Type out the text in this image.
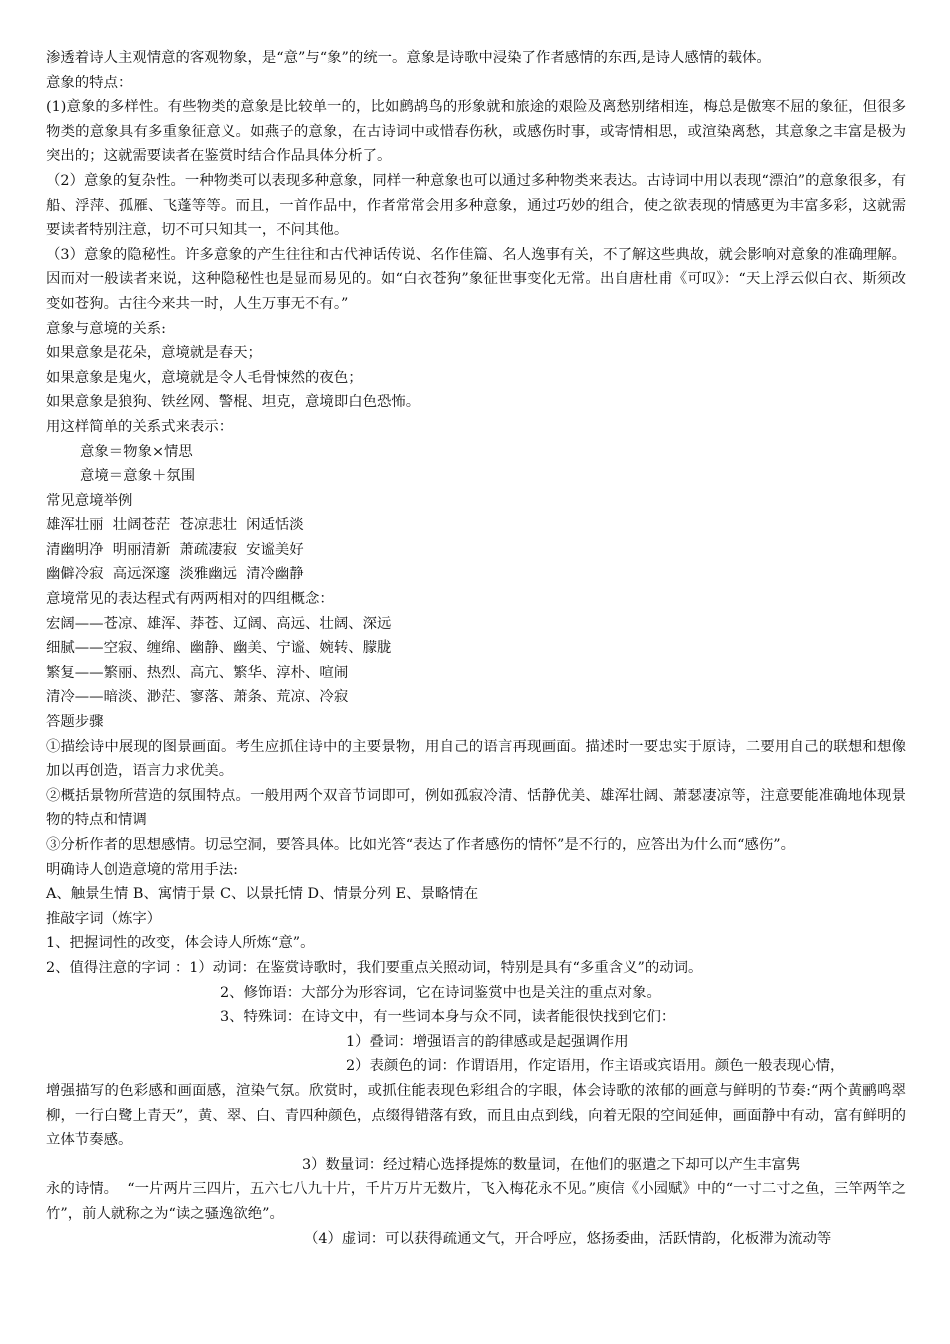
渗透着诗人主观情意的客观物象，是“意”与“象”的统一。意象是诗歌中浸染了作者感情的东西,是诗人感情的载体。
意象的特点：
(1)意象的多样性。有些物类的意象是比较单一的，比如鹧鸪鸟的形象就和旅途的艰险及离愁别绪相连，梅总是傲寒不屈的象征，但很多物类的意象具有多重象征意义。如燕子的意象，在古诗词中或惜春伤秋，或感伤时事，或寄情相思，或渲染离愁，其意象之丰富是极为突出的；这就需要读者在鉴赏时结合作品具体分析了。
（2）意象的复杂性。一种物类可以表现多种意象，同样一种意象也可以通过多种物类来表达。古诗词中用以表现“漂泊”的意象很多，有船、浮萍、孤雁、飞蓬等等。而且，一首作品中，作者常常会用多种意象，通过巧妙的组合，使之欲表现的情感更为丰富多彩，这就需要读者特别注意，切不可只知其一，不问其他。
（3）意象的隐秘性。许多意象的产生往往和古代神话传说、名作佳篇、名人逸事有关，不了解这些典故，就会影响对意象的准确理解。因而对一般读者来说，这种隐秘性也是显而易见的。如“白衣苍狗”象征世事变化无常。出自唐杜甫《可叹》：“天上浮云似白衣、斯须改变如苍狗。古往今来共一时，人生万事无不有。”
意象与意境的关系:
如果意象是花朵，意境就是春天；
如果意象是鬼火，意境就是令人毛骨悚然的夜色；
如果意象是狼狗、铁丝网、警棍、坦克，意境即白色恐怖。
用这样简单的关系式来表示：
意象＝物象×情思
意境＝意象＋氛围
常见意境举例
雄浑壮丽  壮阔苍茫  苍凉悲壮  闲适恬淡
清幽明净  明丽清新  萧疏凄寂  安谧美好
幽僻冷寂  高远深邃  淡雅幽远  清冷幽静
意境常见的表达程式有两两相对的四组概念：
宏阔——苍凉、雄浑、莽苍、辽阔、高远、壮阔、深远
细腻——空寂、缠绵、幽静、幽美、宁谧、婉转、朦胧
繁复——繁丽、热烈、高亢、繁华、淳朴、喧闹
清冷——暗淡、渺茫、寥落、萧条、荒凉、冷寂
答题步骤
①描绘诗中展现的图景画面。考生应抓住诗中的主要景物，用自己的语言再现画面。描述时一要忠实于原诗，二要用自己的联想和想像加以再创造，语言力求优美。
②概括景物所营造的氛围特点。一般用两个双音节词即可，例如孤寂冷清、恬静优美、雄浑壮阔、萧瑟凄凉等，注意要能准确地体现景物的特点和情调
③分析作者的思想感情。切忌空洞，要答具体。比如光答“表达了作者感伤的情怀”是不行的，应答出为什么而“感伤”。
明确诗人创造意境的常用手法:
A、触景生情 B、寓情于景 C、以景托情 D、情景分列 E、景略情在
推敲字词（炼字）
1、把握词性的改变，体会诗人所炼“意”。
2、值得注意的字词 ：1）动词：在鉴赏诗歌时，我们要重点关照动词，特别是具有“多重含义”的动词。
2、修饰语：大部分为形容词，它在诗词鉴赏中也是关注的重点对象。
3、特殊词：在诗文中，有一些词本身与众不同，读者能很快找到它们：
1）叠词：增强语言的韵律感或是起强调作用
2）表颜色的词：作谓语用，作定语用，作主语或宾语用。颜色一般表现心情，
增强描写的色彩感和画面感，渲染气氛。欣赏时，或抓住能表现色彩组合的字眼，体会诗歌的浓郁的画意与鲜明的节奏:“两个黄鹂鸣翠柳，一行白鹭上青天”，黄、翠、白、青四种颜色，点缀得错落有致，而且由点到线，向着无限的空间延伸，画面静中有动，富有鲜明的立体节奏感。
3）数量词：经过精心选择提炼的数量词，在他们的驱遣之下却可以产生丰富隽
永的诗情。  “一片两片三四片，五六七八九十片，千片万片无数片，飞入梅花永不见。”庾信《小园赋》中的“一寸二寸之鱼，三竿两竿之竹”，前人就称之为“读之骚逸欲绝”。
（4）虚词：可以获得疏通文气，开合呼应，悠扬委曲，活跃情韵，化板滞为流动等
